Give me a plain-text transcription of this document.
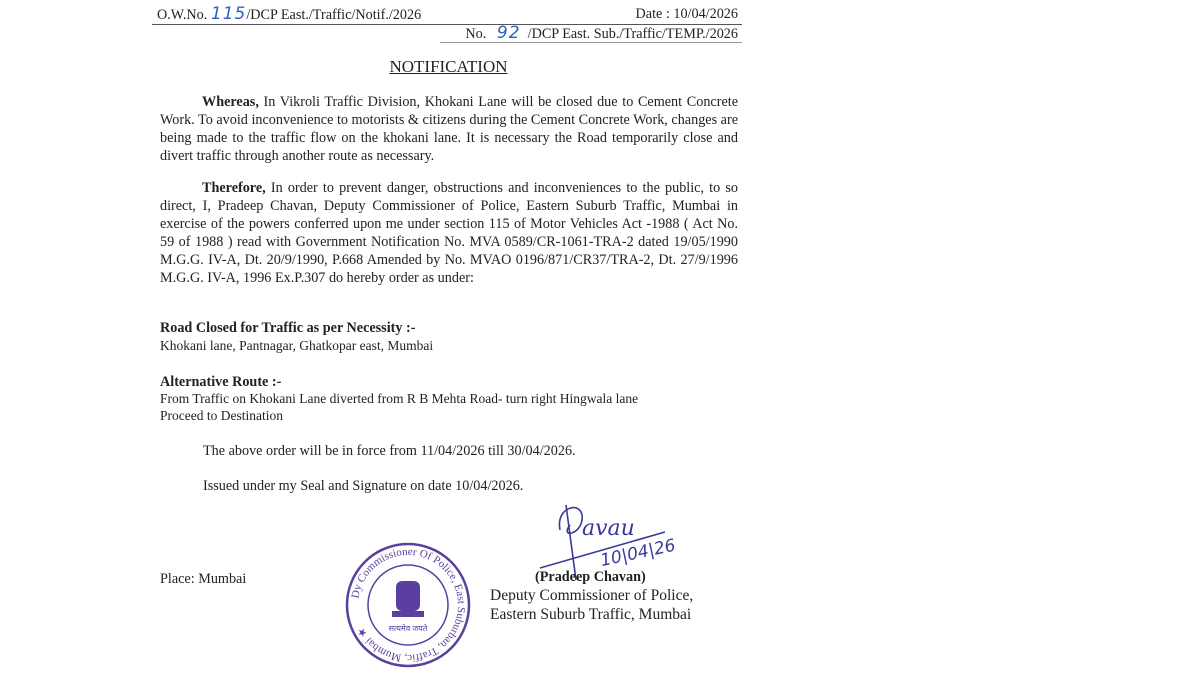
O.W.No. 115/DCP East./Traffic/Notif./2026	Date : 10/04/2026
No. 92 /DCP East. Sub./Traffic/TEMP./2026
NOTIFICATION
Whereas, In Vikroli Traffic Division, Khokani Lane will be closed due to Cement Concrete Work. To avoid inconvenience to motorists & citizens during the Cement Concrete Work, changes are being made to the traffic flow on the khokani lane. It is necessary the Road temporarily close and divert traffic through another route as necessary.
Therefore, In order to prevent danger, obstructions and inconveniences to the public, to so direct, I, Pradeep Chavan, Deputy Commissioner of Police, Eastern Suburb Traffic, Mumbai in exercise of the powers conferred upon me under section 115 of Motor Vehicles Act -1988 ( Act No. 59 of 1988 ) read with Government Notification No. MVA 0589/CR-1061-TRA-2 dated 19/05/1990 M.G.G. IV-A, Dt. 20/9/1990, P.668 Amended by No. MVAO 0196/871/CR37/TRA-2, Dt. 27/9/1996 M.G.G. IV-A, 1996 Ex.P.307 do hereby order as under:
Road Closed for Traffic as per Necessity :-
Khokani lane, Pantnagar, Ghatkopar east, Mumbai
Alternative Route :-
From Traffic on Khokani Lane diverted from R B Mehta Road- turn right Hingwala lane
Proceed to Destination
The above order will be in force from 11/04/2026 till 30/04/2026.
Issued under my Seal and Signature on date 10/04/2026.
Place: Mumbai
Dy Commissioner Of Police, East Suburban, Traffic, Mumbai ★	सत्यमेव जयते
avau
10|04|26
(Pradeep Chavan)
Deputy Commissioner of Police,
Eastern Suburb Traffic, Mumbai
